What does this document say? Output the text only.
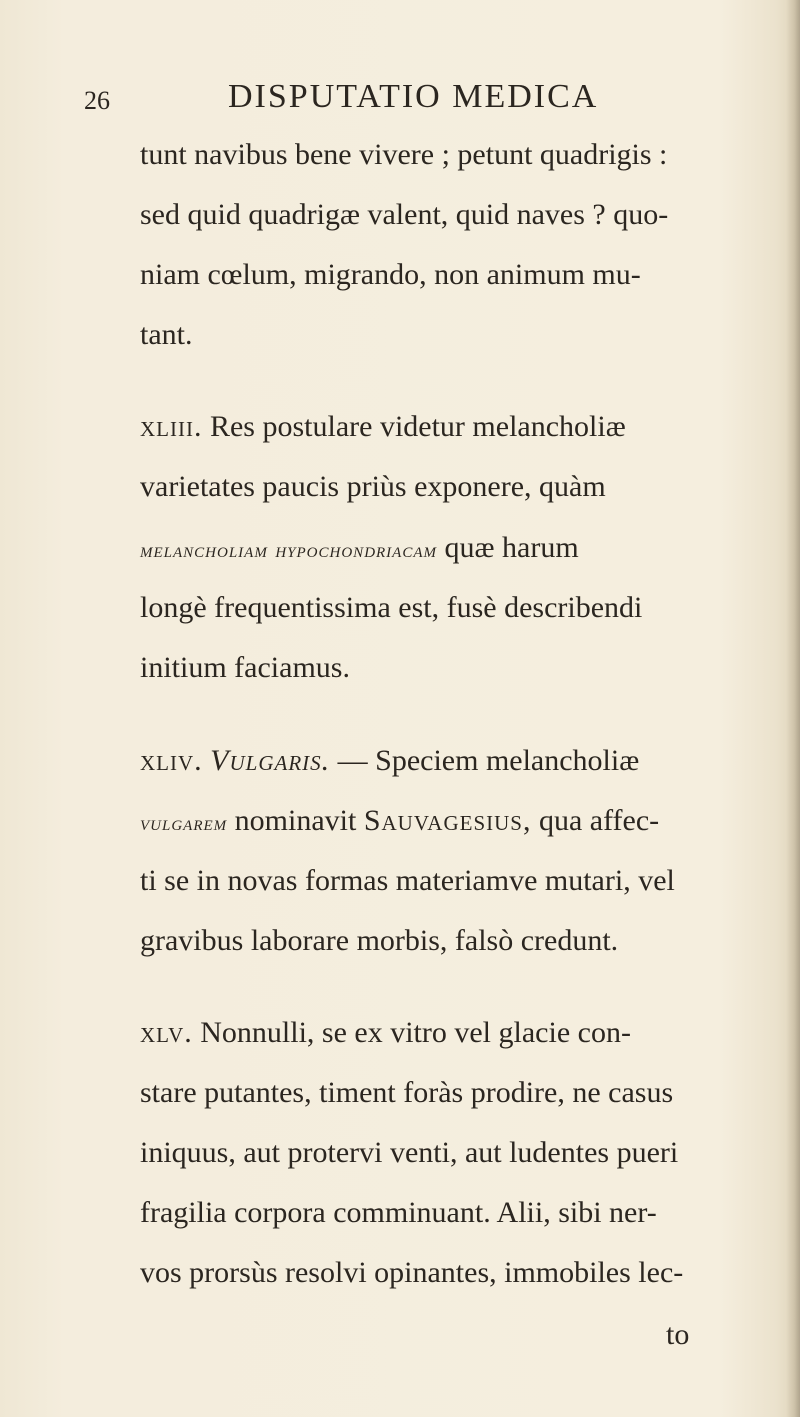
26	DISPUTATIO MEDICA
tunt navibus bene vivere ; petunt quadrigis :
sed quid quadrigæ valent, quid naves ? quo-
niam cœlum, migrando, non animum mu-
tant.
xliii. Res postulare videtur melancholiæ
varietates paucis priùs exponere, quàm
melancholiam hypochondriacam quæ harum
longè frequentissima est, fusè describendi
initium faciamus.
xliv. Vulgaris. — Speciem melancholiæ
vulgarem nominavit Sauvagesius, qua affec-
ti se in novas formas materiamve mutari, vel
gravibus laborare morbis, falsò credunt.
xlv. Nonnulli, se ex vitro vel glacie con-
stare putantes, timent foràs prodire, ne casus
iniquus, aut protervi venti, aut ludentes pueri
fragilia corpora comminuant. Alii, sibi ner-
vos prorsùs resolvi opinantes, immobiles lec-
to
